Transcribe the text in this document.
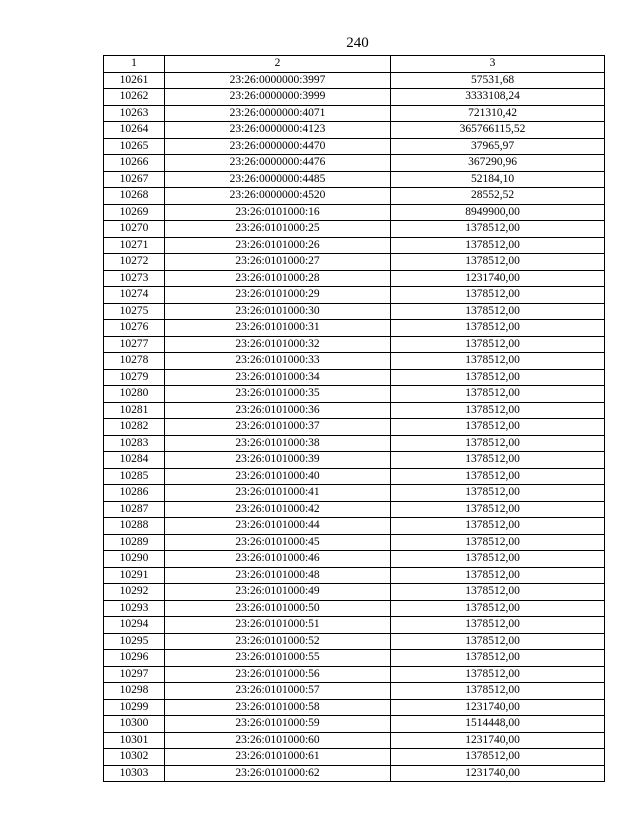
240
1	2	3
10261	23:26:0000000:3997	57531,68
10262	23:26:0000000:3999	3333108,24
10263	23:26:0000000:4071	721310,42
10264	23:26:0000000:4123	365766115,52
10265	23:26:0000000:4470	37965,97
10266	23:26:0000000:4476	367290,96
10267	23:26:0000000:4485	52184,10
10268	23:26:0000000:4520	28552,52
10269	23:26:0101000:16	8949900,00
10270	23:26:0101000:25	1378512,00
10271	23:26:0101000:26	1378512,00
10272	23:26:0101000:27	1378512,00
10273	23:26:0101000:28	1231740,00
10274	23:26:0101000:29	1378512,00
10275	23:26:0101000:30	1378512,00
10276	23:26:0101000:31	1378512,00
10277	23:26:0101000:32	1378512,00
10278	23:26:0101000:33	1378512,00
10279	23:26:0101000:34	1378512,00
10280	23:26:0101000:35	1378512,00
10281	23:26:0101000:36	1378512,00
10282	23:26:0101000:37	1378512,00
10283	23:26:0101000:38	1378512,00
10284	23:26:0101000:39	1378512,00
10285	23:26:0101000:40	1378512,00
10286	23:26:0101000:41	1378512,00
10287	23:26:0101000:42	1378512,00
10288	23:26:0101000:44	1378512,00
10289	23:26:0101000:45	1378512,00
10290	23:26:0101000:46	1378512,00
10291	23:26:0101000:48	1378512,00
10292	23:26:0101000:49	1378512,00
10293	23:26:0101000:50	1378512,00
10294	23:26:0101000:51	1378512,00
10295	23:26:0101000:52	1378512,00
10296	23:26:0101000:55	1378512,00
10297	23:26:0101000:56	1378512,00
10298	23:26:0101000:57	1378512,00
10299	23:26:0101000:58	1231740,00
10300	23:26:0101000:59	1514448,00
10301	23:26:0101000:60	1231740,00
10302	23:26:0101000:61	1378512,00
10303	23:26:0101000:62	1231740,00
